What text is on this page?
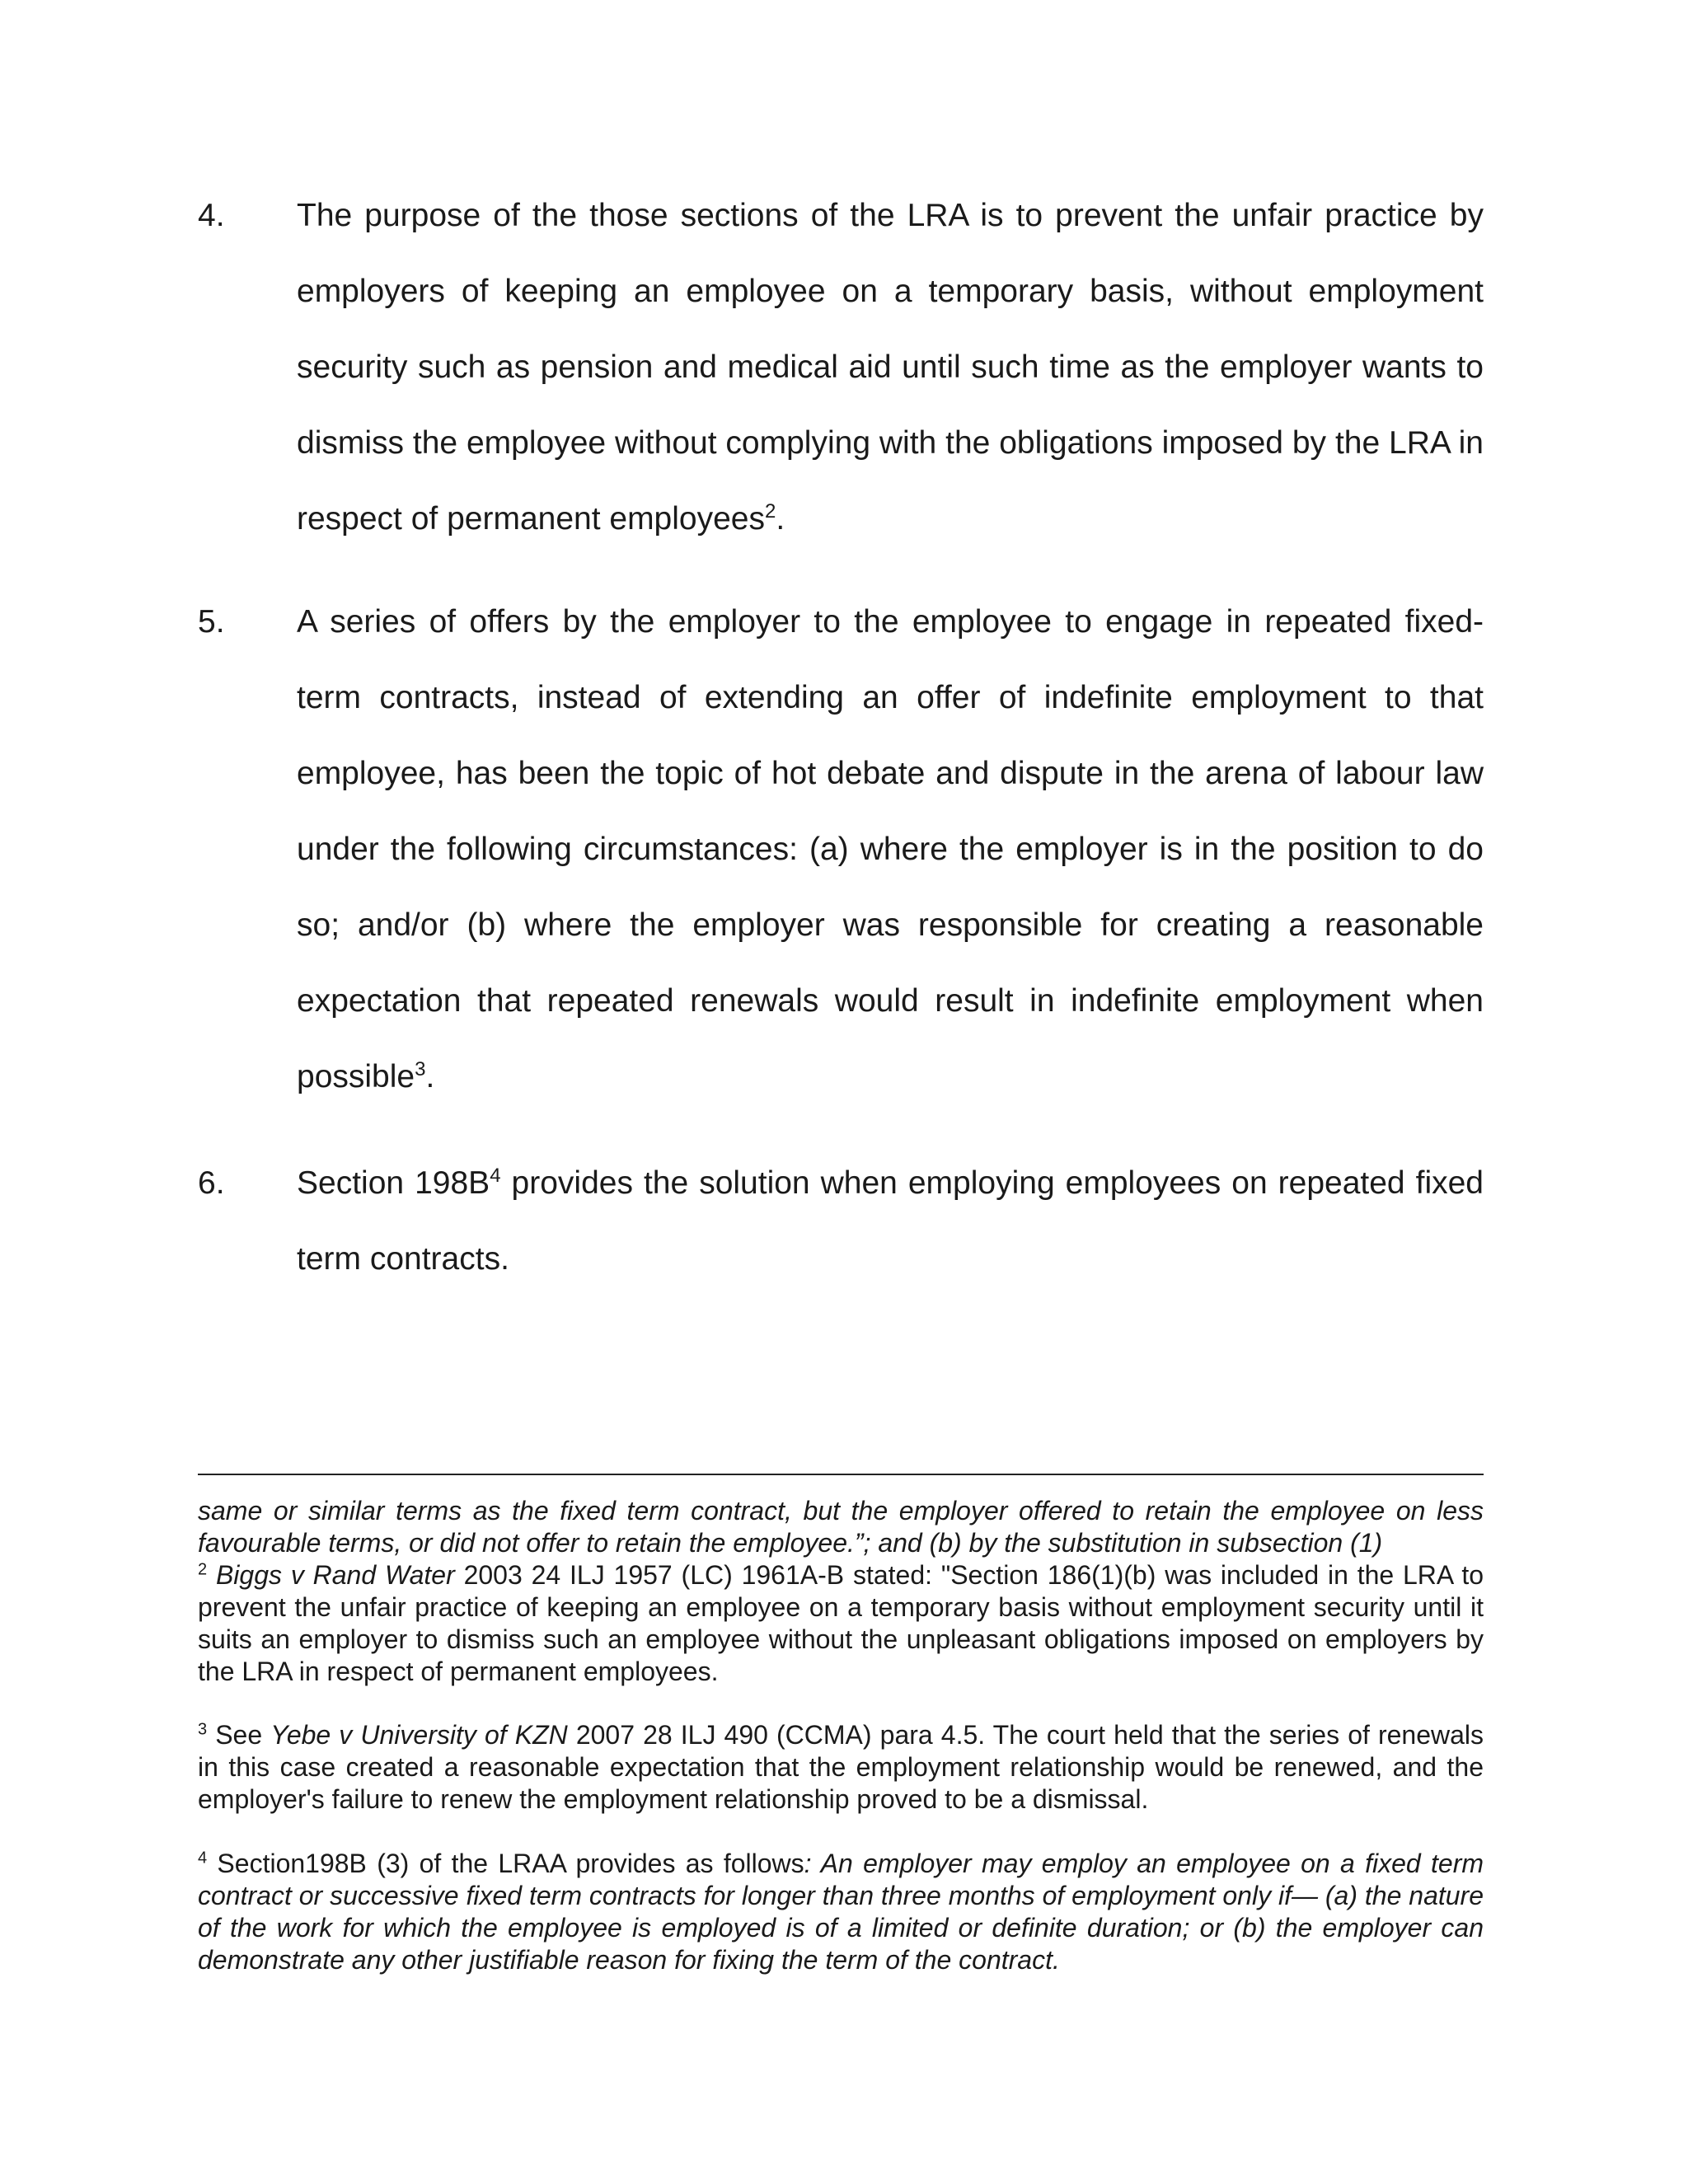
4. The purpose of the those sections of the LRA is to prevent the unfair practice by employers of keeping an employee on a temporary basis, without employment security such as pension and medical aid until such time as the employer wants to dismiss the employee without complying with the obligations imposed by the LRA in respect of permanent employees$^2$.
5. A series of offers by the employer to the employee to engage in repeated fixed-term contracts, instead of extending an offer of indefinite employment to that employee, has been the topic of hot debate and dispute in the arena of labour law under the following circumstances: (a) where the employer is in the position to do so; and/or (b) where the employer was responsible for creating a reasonable expectation that repeated renewals would result in indefinite employment when possible$^3$.
6. Section $198B^4$ provides the solution when employing employees on repeated fixed term contracts.
same or similar terms as the fixed term contract, but the employer offered to retain the employee on less favourable terms, or did not offer to retain the employee.”; and (b) by the substitution in subsection (1)
$^2$ Biggs v Rand Water 2003 24 ILJ 1957 (LC) 1961A-B stated: "Section 186(1)(b) was included in the LRA to prevent the unfair practice of keeping an employee on a temporary basis without employment security until it suits an employer to dismiss such an employee without the unpleasant obligations imposed on employers by the LRA in respect of permanent employees.
$^3$ See Yebe v University of KZN 2007 28 ILJ 490 (CCMA) para 4.5. The court held that the series of renewals in this case created a reasonable expectation that the employment relationship would be renewed, and the employer's failure to renew the employment relationship proved to be a dismissal.
$^4$ Section198B (3) of the LRAA provides as follows: An employer may employ an employee on a fixed term contract or successive fixed term contracts for longer than three months of employment only if— (a) the nature of the work for which the employee is employed is of a limited or definite duration; or (b) the employer can demonstrate any other justifiable reason for fixing the term of the contract.
